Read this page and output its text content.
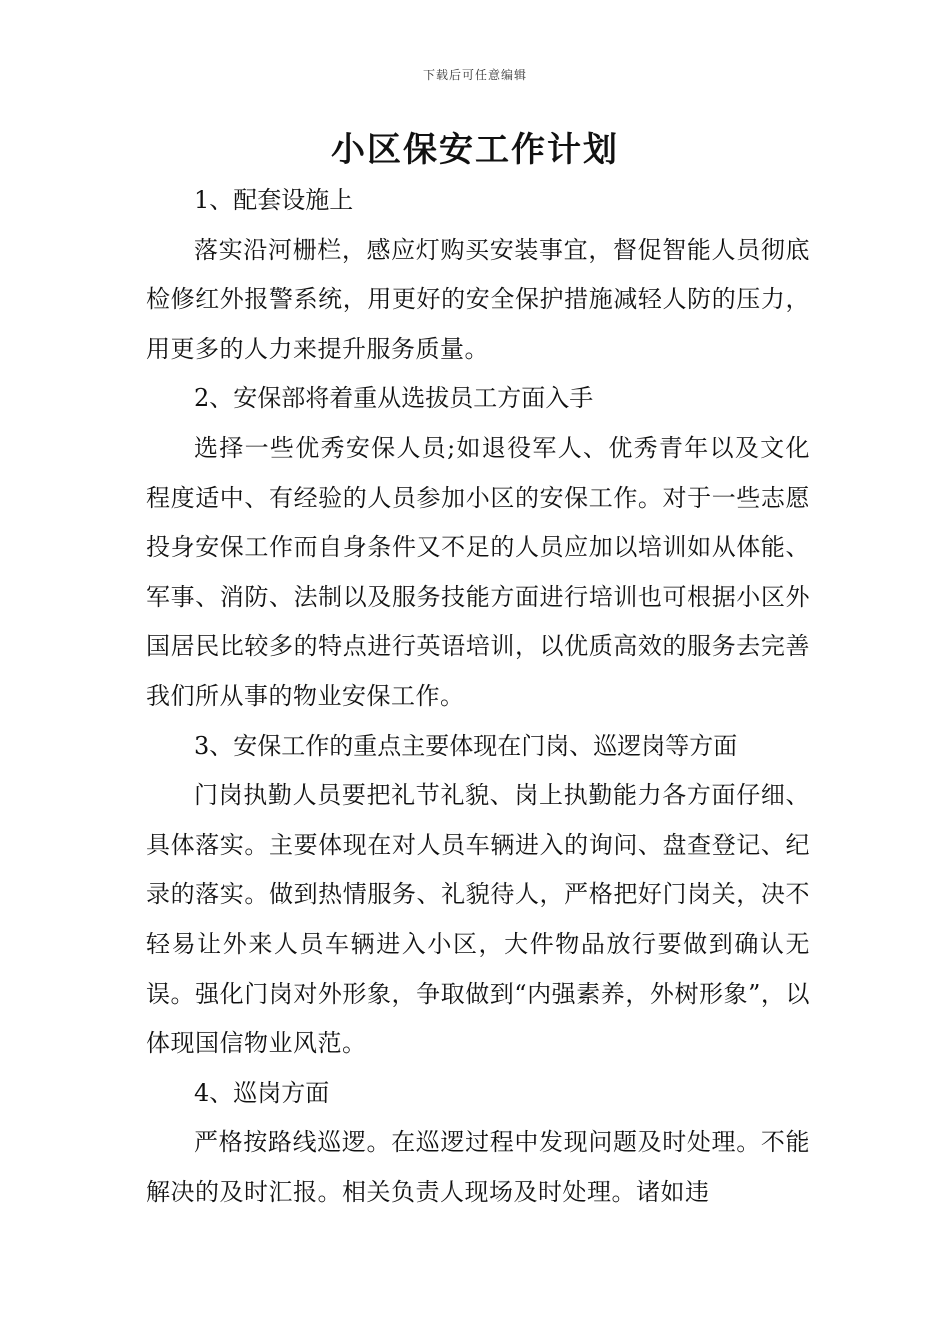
下载后可任意编辑
小区保安工作计划

1、配套设施上

落实沿河栅栏，感应灯购买安装事宜，督促智能人员彻底检修红外报警系统，用更好的安全保护措施减轻人防的压力，用更多的人力来提升服务质量。

2、安保部将着重从选拔员工方面入手

选择一些优秀安保人员;如退役军人、优秀青年以及文化程度适中、有经验的人员参加小区的安保工作。对于一些志愿投身安保工作而自身条件又不足的人员应加以培训如从体能、军事、消防、法制以及服务技能方面进行培训也可根据小区外国居民比较多的特点进行英语培训，以优质高效的服务去完善我们所从事的物业安保工作。

3、安保工作的重点主要体现在门岗、巡逻岗等方面

门岗执勤人员要把礼节礼貌、岗上执勤能力各方面仔细、具体落实。主要体现在对人员车辆进入的询问、盘查登记、纪录的落实。做到热情服务、礼貌待人，严格把好门岗关，决不轻易让外来人员车辆进入小区，大件物品放行要做到确认无误。强化门岗对外形象，争取做到“内强素养，外树形象”，以体现国信物业风范。

4、巡岗方面

严格按路线巡逻。在巡逻过程中发现问题及时处理。不能解决的及时汇报。相关负责人现场及时处理。诸如违
